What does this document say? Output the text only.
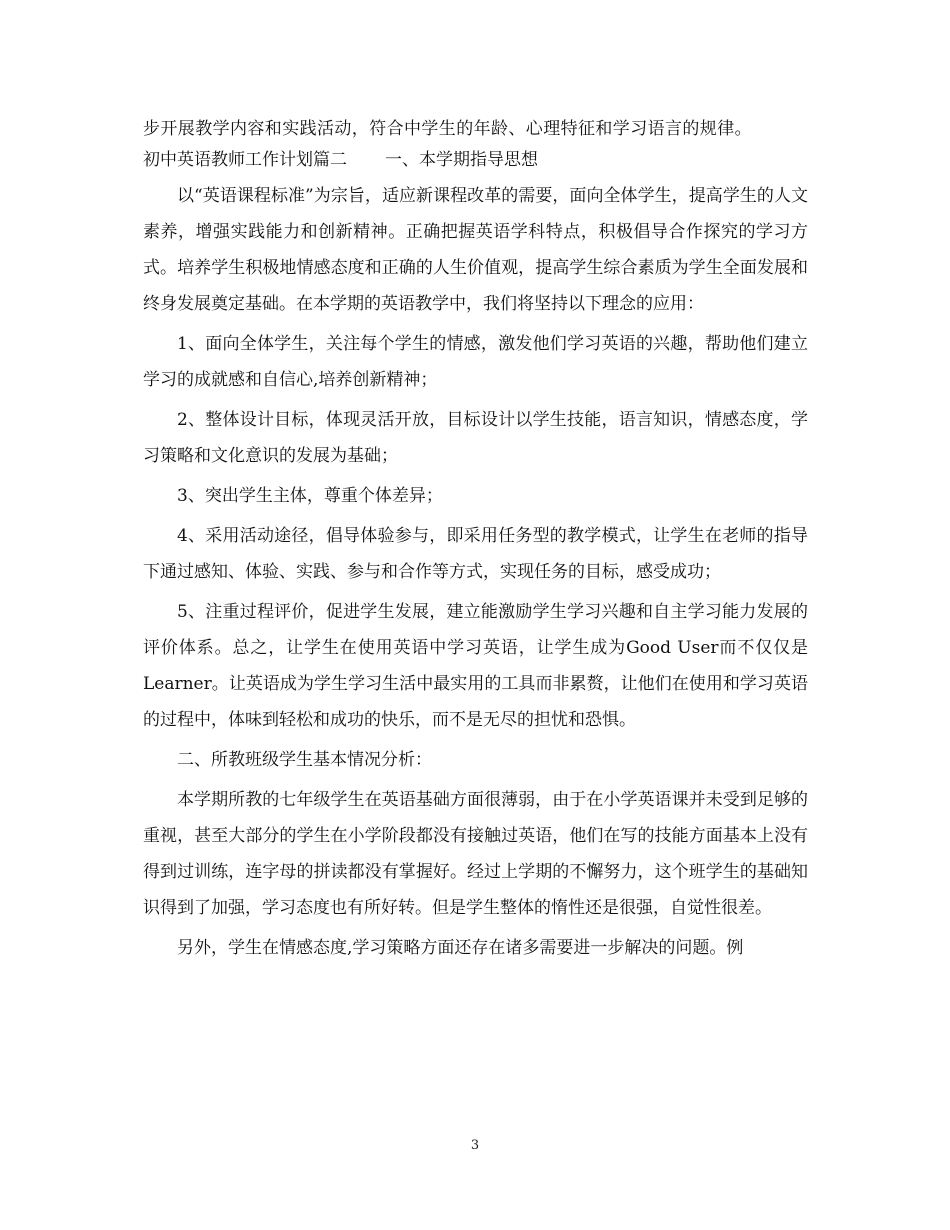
步开展教学内容和实践活动，符合中学生的年龄、心理特征和学习语言的规律。
初中英语教师工作计划篇二 一、本学期指导思想

以“英语课程标准”为宗旨，适应新课程改革的需要，面向全体学生，提高学生的人文素养，增强实践能力和创新精神。正确把握英语学科特点，积极倡导合作探究的学习方式。培养学生积极地情感态度和正确的人生价值观，提高学生综合素质为学生全面发展和终身发展奠定基础。在本学期的英语教学中，我们将坚持以下理念的应用：

1、面向全体学生，关注每个学生的情感，激发他们学习英语的兴趣，帮助他们建立学习的成就感和自信心,培养创新精神；

2、整体设计目标，体现灵活开放，目标设计以学生技能，语言知识，情感态度，学习策略和文化意识的发展为基础；

3、突出学生主体，尊重个体差异；

4、采用活动途径，倡导体验参与，即采用任务型的教学模式，让学生在老师的指导下通过感知、体验、实践、参与和合作等方式，实现任务的目标，感受成功；

5、注重过程评价，促进学生发展，建立能激励学生学习兴趣和自主学习能力发展的评价体系。总之，让学生在使用英语中学习英语，让学生成为Good User而不仅仅是Learner。让英语成为学生学习生活中最实用的工具而非累赘，让他们在使用和学习英语的过程中，体味到轻松和成功的快乐，而不是无尽的担忧和恐惧。

二、所教班级学生基本情况分析：

本学期所教的七年级学生在英语基础方面很薄弱，由于在小学英语课并未受到足够的重视，甚至大部分的学生在小学阶段都没有接触过英语，他们在写的技能方面基本上没有得到过训练，连字母的拼读都没有掌握好。经过上学期的不懈努力，这个班学生的基础知识得到了加强，学习态度也有所好转。但是学生整体的惰性还是很强，自觉性很差。

另外，学生在情感态度,学习策略方面还存在诸多需要进一步解决的问题。例

3
